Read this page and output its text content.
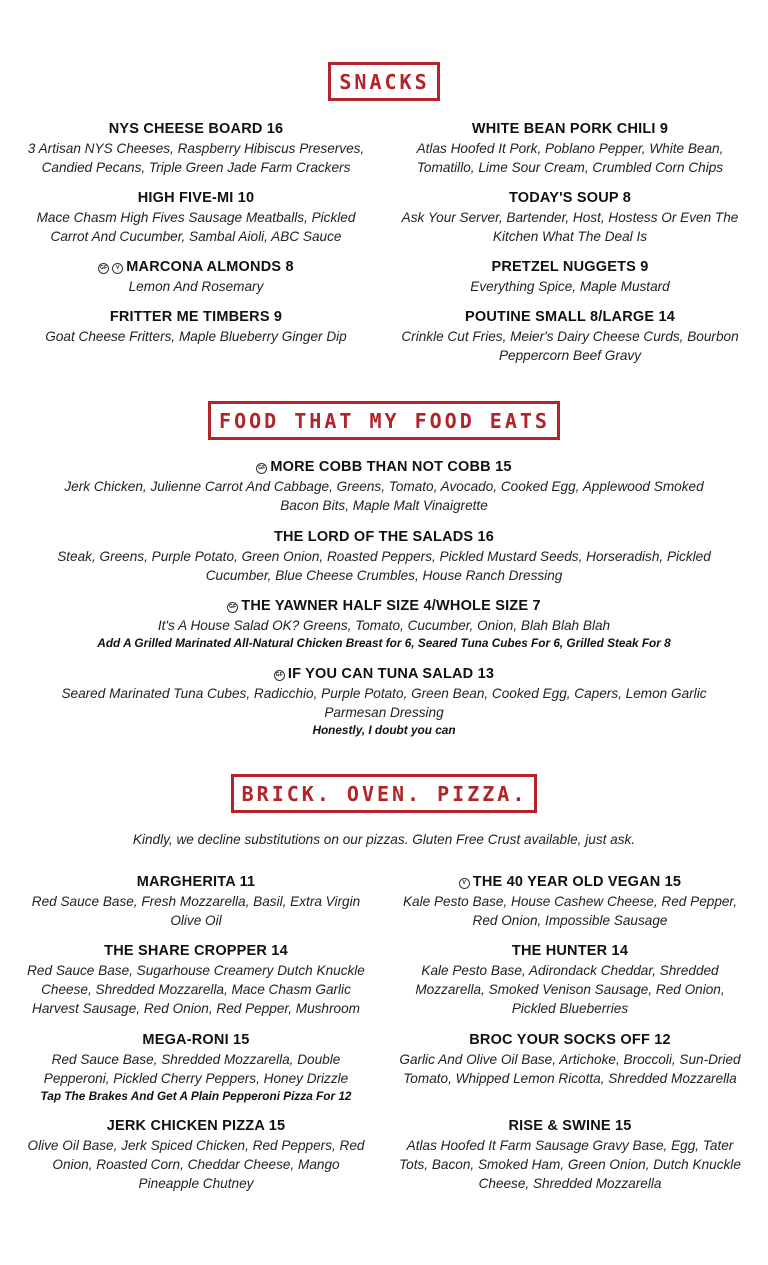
SNACKS
NYS CHEESE BOARD 16
3 Artisan NYS Cheeses, Raspberry Hibiscus Preserves, Candied Pecans, Triple Green Jade Farm Crackers
HIGH FIVE-MI 10
Mace Chasm High Fives Sausage Meatballs, Pickled Carrot And Cucumber, Sambal Aioli, ABC Sauce
GF V MARCONA ALMONDS 8
Lemon And Rosemary
FRITTER ME TIMBERS 9
Goat Cheese Fritters, Maple Blueberry Ginger Dip
WHITE BEAN PORK CHILI 9
Atlas Hoofed It Pork, Poblano Pepper, White Bean, Tomatillo, Lime Sour Cream, Crumbled Corn Chips
TODAY'S SOUP 8
Ask Your Server, Bartender, Host, Hostess Or Even The Kitchen What The Deal Is
PRETZEL NUGGETS 9
Everything Spice, Maple Mustard
POUTINE SMALL 8/LARGE 14
Crinkle Cut Fries, Meier's Dairy Cheese Curds, Bourbon Peppercorn Beef Gravy
FOOD THAT MY FOOD EATS
GF MORE COBB THAN NOT COBB 15
Jerk Chicken, Julienne Carrot And Cabbage, Greens, Tomato, Avocado, Cooked Egg, Applewood Smoked Bacon Bits, Maple Malt Vinaigrette
THE LORD OF THE SALADS 16
Steak, Greens, Purple Potato, Green Onion, Roasted Peppers, Pickled Mustard Seeds, Horseradish, Pickled Cucumber, Blue Cheese Crumbles, House Ranch Dressing
GF THE YAWNER HALF SIZE 4/WHOLE SIZE 7
It's A House Salad OK? Greens, Tomato, Cucumber, Onion, Blah Blah Blah
Add A Grilled Marinated All-Natural Chicken Breast for 6, Seared Tuna Cubes For 6, Grilled Steak For 8
GF IF YOU CAN TUNA SALAD 13
Seared Marinated Tuna Cubes, Radicchio, Purple Potato, Green Bean, Cooked Egg, Capers, Lemon Garlic Parmesan Dressing
Honestly, I doubt you can
BRICK. OVEN. PIZZA.
Kindly, we decline substitutions on our pizzas. Gluten Free Crust available, just ask.
MARGHERITA 11
Red Sauce Base, Fresh Mozzarella, Basil, Extra Virgin Olive Oil
THE SHARE CROPPER 14
Red Sauce Base, Sugarhouse Creamery Dutch Knuckle Cheese, Shredded Mozzarella, Mace Chasm Garlic Harvest Sausage, Red Onion, Red Pepper, Mushroom
MEGA-RONI 15
Red Sauce Base, Shredded Mozzarella, Double Pepperoni, Pickled Cherry Peppers, Honey Drizzle
Tap The Brakes And Get A Plain Pepperoni Pizza For 12
JERK CHICKEN PIZZA 15
Olive Oil Base, Jerk Spiced Chicken, Red Peppers, Red Onion, Roasted Corn, Cheddar Cheese, Mango Pineapple Chutney
V THE 40 YEAR OLD VEGAN 15
Kale Pesto Base, House Cashew Cheese, Red Pepper, Red Onion, Impossible Sausage
THE HUNTER 14
Kale Pesto Base, Adirondack Cheddar, Shredded Mozzarella, Smoked Venison Sausage, Red Onion, Pickled Blueberries
BROC YOUR SOCKS OFF 12
Garlic And Olive Oil Base, Artichoke, Broccoli, Sun-Dried Tomato, Whipped Lemon Ricotta, Shredded Mozzarella
RISE & SWINE 15
Atlas Hoofed It Farm Sausage Gravy Base, Egg, Tater Tots, Bacon, Smoked Ham, Green Onion, Dutch Knuckle Cheese, Shredded Mozzarella
